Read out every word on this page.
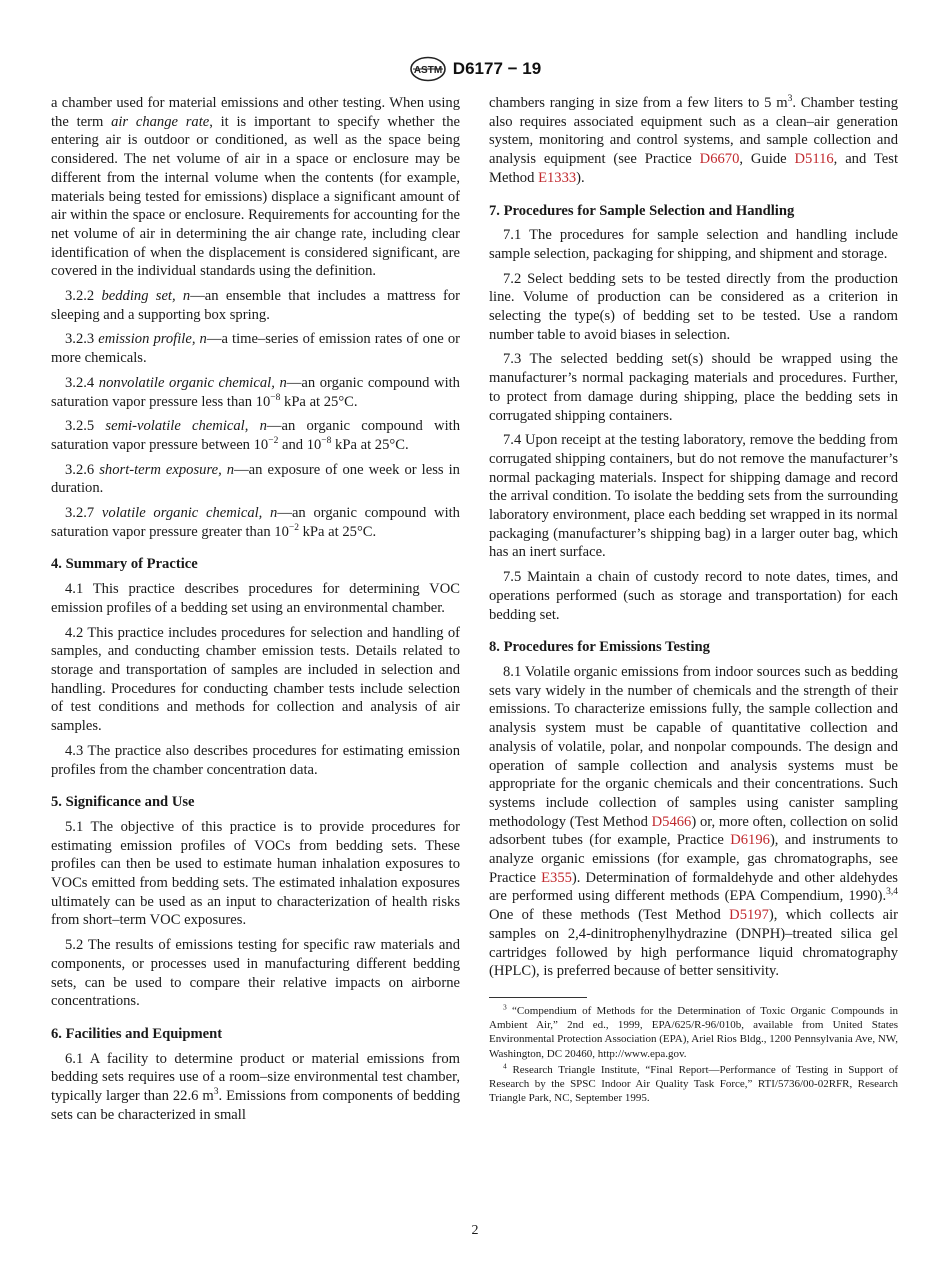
ASTM D6177 − 19

a chamber used for material emissions and other testing. When using the term air change rate, it is important to specify whether the entering air is outdoor or conditioned, as well as the space being considered. The net volume of air in a space or enclosure may be different from the internal volume when the contents (for example, materials being tested for emissions) displace a significant amount of air within the space or enclosure. Requirements for accounting for the net volume of air in determining the air change rate, including clear identification of when the displacement is considered significant, are covered in the individual standards using the definition.

3.2.2 bedding set, n—an ensemble that includes a mattress for sleeping and a supporting box spring.

3.2.3 emission profile, n—a time–series of emission rates of one or more chemicals.

3.2.4 nonvolatile organic chemical, n—an organic compound with saturation vapor pressure less than $10^{-8}$ kPa at 25°C.

3.2.5 semi-volatile chemical, n—an organic compound with saturation vapor pressure between $10^{-2}$ and $10^{-8}$ kPa at 25°C.

3.2.6 short-term exposure, n—an exposure of one week or less in duration.

3.2.7 volatile organic chemical, n—an organic compound with saturation vapor pressure greater than $10^{-2}$ kPa at 25°C.

4. Summary of Practice

4.1 This practice describes procedures for determining VOC emission profiles of a bedding set using an environmental chamber.

4.2 This practice includes procedures for selection and handling of samples, and conducting chamber emission tests. Details related to storage and transportation of samples are included in selection and handling. Procedures for conducting chamber tests include selection of test conditions and methods for collection and analysis of air samples.

4.3 The practice also describes procedures for estimating emission profiles from the chamber concentration data.

5. Significance and Use

5.1 The objective of this practice is to provide procedures for estimating emission profiles of VOCs from bedding sets. These profiles can then be used to estimate human inhalation exposures to VOCs emitted from bedding sets. The estimated inhalation exposures ultimately can be used as an input to characterization of health risks from short–term VOC exposures.

5.2 The results of emissions testing for specific raw materials and components, or processes used in manufacturing different bedding sets, can be used to compare their relative impacts on airborne concentrations.

6. Facilities and Equipment

6.1 A facility to determine product or material emissions from bedding sets requires use of a room–size environmental test chamber, typically larger than 22.6 $m^3$. Emissions from components of bedding sets can be characterized in small

chambers ranging in size from a few liters to 5 $m^3$. Chamber testing also requires associated equipment such as a clean–air generation system, monitoring and control systems, and sample collection and analysis equipment (see Practice D6670, Guide D5116, and Test Method E1333).

7. Procedures for Sample Selection and Handling

7.1 The procedures for sample selection and handling include sample selection, packaging for shipping, and shipment and storage.

7.2 Select bedding sets to be tested directly from the production line. Volume of production can be considered as a criterion in selecting the type(s) of bedding set to be tested. Use a random number table to avoid biases in selection.

7.3 The selected bedding set(s) should be wrapped using the manufacturer’s normal packaging materials and procedures. Further, to protect from damage during shipping, place the bedding sets in corrugated shipping containers.

7.4 Upon receipt at the testing laboratory, remove the bedding from corrugated shipping containers, but do not remove the manufacturer’s normal packaging materials. Inspect for shipping damage and record the arrival condition. To isolate the bedding sets from the surrounding laboratory environment, place each bedding set wrapped in its normal packaging (manufacturer’s shipping bag) in a larger outer bag, which has an inert surface.

7.5 Maintain a chain of custody record to note dates, times, and operations performed (such as storage and transportation) for each bedding set.

8. Procedures for Emissions Testing

8.1 Volatile organic emissions from indoor sources such as bedding sets vary widely in the number of chemicals and the strength of their emissions. To characterize emissions fully, the sample collection and analysis system must be capable of quantitative collection and analysis of volatile, polar, and nonpolar compounds. The design and operation of sample collection and analysis systems must be appropriate for the organic chemicals and their concentrations. Such systems include collection of samples using canister sampling methodology (Test Method D5466) or, more often, collection on solid adsorbent tubes (for example, Practice D6196), and instruments to analyze organic emissions (for example, gas chromatographs, see Practice E355). Determination of formaldehyde and other aldehydes are performed using different methods (EPA Compendium, 1990).$^{3,4}$ One of these methods (Test Method D5197), which collects air samples on 2,4-dinitrophenylhydrazine (DNPH)–treated silica gel cartridges followed by high performance liquid chromatography (HPLC), is preferred because of better sensitivity.

$^3$ “Compendium of Methods for the Determination of Toxic Organic Compounds in Ambient Air,” 2nd ed., 1999, EPA/625/R-96/010b, available from United States Environmental Protection Association (EPA), Ariel Rios Bldg., 1200 Pennsylvania Ave, NW, Washington, DC 20460, http://www.epa.gov.

$^4$ Research Triangle Institute, “Final Report—Performance of Testing in Support of Research by the SPSC Indoor Air Quality Task Force,” RTI/5736/00-02RFR, Research Triangle Park, NC, September 1995.

2
